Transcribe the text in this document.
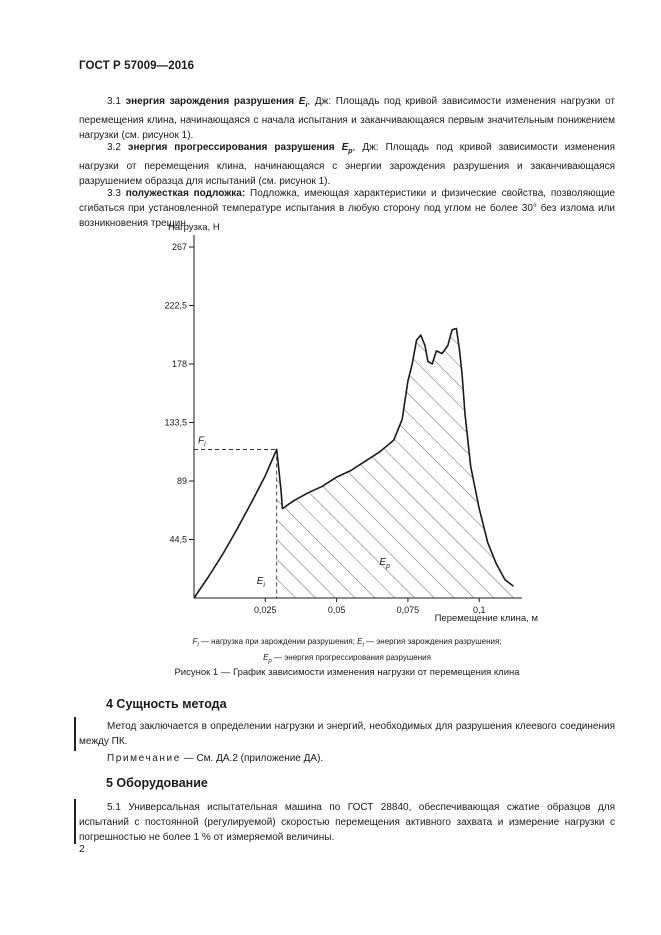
ГОСТ Р 57009—2016
3.1 энергия зарождения разрушения $E_i$, Дж: Площадь под кривой зависимости изменения нагрузки от перемещения клина, начинающаяся с начала испытания и заканчивающаяся первым значительным понижением нагрузки (см. рисунок 1).
3.2 энергия прогрессирования разрушения $E_p$, Дж: Площадь под кривой зависимости изменения нагрузки от перемещения клина, начинающаяся с энергии зарождения разрушения и заканчивающаяся разрушением образца для испытаний (см. рисунок 1).
3.3 полужесткая подложка: Подложка, имеющая характеристики и физические свойства, позволяющие сгибаться при установленной температуре испытания в любую сторону под углом не более 30° без излома или возникновения трещин.
Нагрузка, Н
44,5
89
133,5
178
222,5
267
0,025	0,05	0,075	0,1
$F_i$
$E_i$
$E_p$
Перемещение клина, м
$F_i$ — нагрузка при зарождении разрушения; $E_i$ — энергия зарождения разрушения;
$E_p$ — энергия прогрессирования разрушения
Рисунок 1 — График зависимости изменения нагрузки от перемещения клина
4 Сущность метода
Метод заключается в определении нагрузки и энергий, необходимых для разрушения клеевого соединения между ПК.
Примечание — См. ДА.2 (приложение ДА).
5 Оборудование
5.1 Универсальная испытательная машина по ГОСТ 28840, обеспечивающая сжатие образцов для испытаний с постоянной (регулируемой) скоростью перемещения активного захвата и измерение нагрузки с погрешностью не более 1 % от измеряемой величины.
2
